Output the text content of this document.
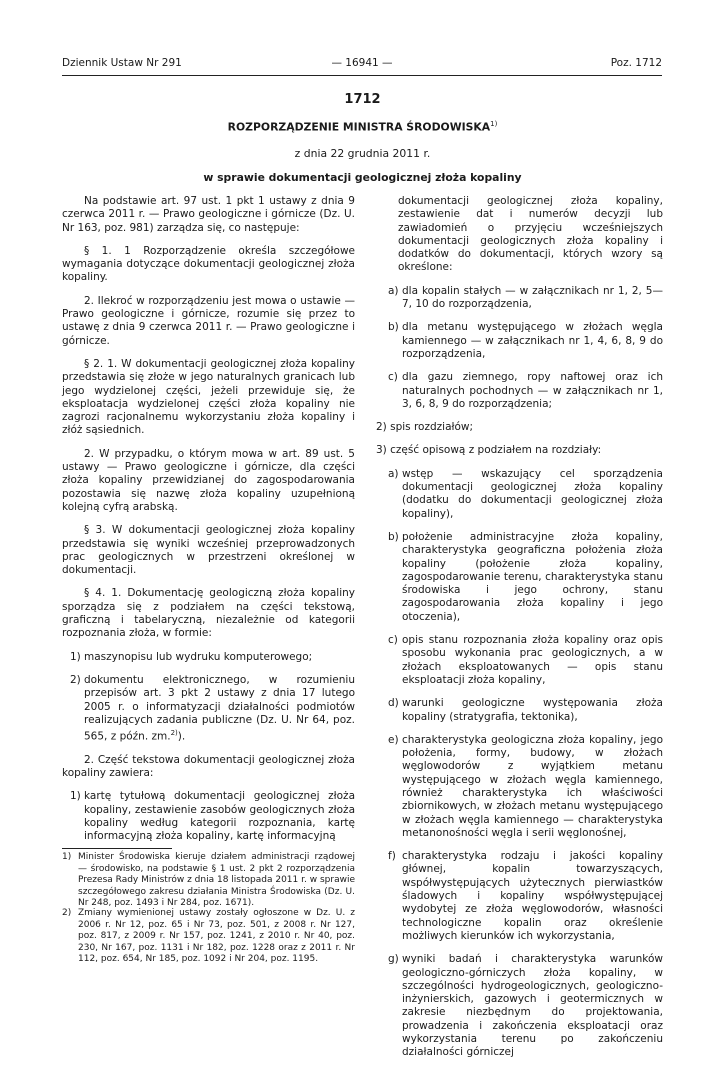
Dziennik Ustaw Nr 291	— 16941 —	Poz. 1712
1712
ROZPORZĄDZENIE MINISTRA ŚRODOWISKA$^{1)}$
z dnia 22 grudnia 2011 r.
w sprawie dokumentacji geologicznej złoża kopaliny

Na podstawie art. 97 ust. 1 pkt 1 ustawy z dnia 9 czerwca 2011 r. — Prawo geologiczne i górnicze (Dz. U. Nr 163, poz. 981) zarządza się, co następuje:

§ 1. 1 Rozporządzenie określa szczegółowe wymagania dotyczące dokumentacji geologicznej złoża kopaliny.

2. Ilekroć w rozporządzeniu jest mowa o ustawie — Prawo geologiczne i górnicze, rozumie się przez to ustawę z dnia 9 czerwca 2011 r. — Prawo geologiczne i górnicze.

§ 2. 1. W dokumentacji geologicznej złoża kopaliny przedstawia się złoże w jego naturalnych granicach lub jego wydzielonej części, jeżeli przewiduje się, że eksploatacja wydzielonej części złoża kopaliny nie zagrozi racjonalnemu wykorzystaniu złoża kopaliny i złóż sąsiednich.

2. W przypadku, o którym mowa w art. 89 ust. 5 ustawy — Prawo geologiczne i górnicze, dla części złoża kopaliny przewidzianej do zagospodarowania pozostawia się nazwę złoża kopaliny uzupełnioną kolejną cyfrą arabską.

§ 3. W dokumentacji geologicznej złoża kopaliny przedstawia się wyniki wcześniej przeprowadzonych prac geologicznych w przestrzeni określonej w dokumentacji.

§ 4. 1. Dokumentację geologiczną złoża kopaliny sporządza się z podziałem na części tekstową, graficzną i tabelaryczną, niezależnie od kategorii rozpoznania złoża, w formie:

1) maszynopisu lub wydruku komputerowego;
2) dokumentu elektronicznego, w rozumieniu przepisów art. 3 pkt 2 ustawy z dnia 17 lutego 2005 r. o informatyzacji działalności podmiotów realizujących zadania publiczne (Dz. U. Nr 64, poz. 565, z późn. zm.$^{2)}$).

2. Część tekstowa dokumentacji geologicznej złoża kopaliny zawiera:

1) kartę tytułową dokumentacji geologicznej złoża kopaliny, zestawienie zasobów geologicznych złoża kopaliny według kategorii rozpoznania, kartę informacyjną złoża kopaliny, kartę informacyjną
1) Minister Środowiska kieruje działem administracji rządowej — środowisko, na podstawie § 1 ust. 2 pkt 2 rozporządzenia Prezesa Rady Ministrów z dnia 18 listopada 2011 r. w sprawie szczegółowego zakresu działania Ministra Środowiska (Dz. U. Nr 248, poz. 1493 i Nr 284, poz. 1671).
2) Zmiany wymienionej ustawy zostały ogłoszone w Dz. U. z 2006 r. Nr 12, poz. 65 i Nr 73, poz. 501, z 2008 r. Nr 127, poz. 817, z 2009 r. Nr 157, poz. 1241, z 2010 r. Nr 40, poz. 230, Nr 167, poz. 1131 i Nr 182, poz. 1228 oraz z 2011 r. Nr 112, poz. 654, Nr 185, poz. 1092 i Nr 204, poz. 1195.

dokumentacji geologicznej złoża kopaliny, zestawienie dat i numerów decyzji lub zawiadomień o przyjęciu wcześniejszych dokumentacji geologicznych złoża kopaliny i dodatków do dokumentacji, których wzory są określone:

a) dla kopalin stałych — w załącznikach nr 1, 2, 5—7, 10 do rozporządzenia,
b) dla metanu występującego w złożach węgla kamiennego — w załącznikach nr 1, 4, 6, 8, 9 do rozporządzenia,
c) dla gazu ziemnego, ropy naftowej oraz ich naturalnych pochodnych — w załącznikach nr 1, 3, 6, 8, 9 do rozporządzenia;

2) spis rozdziałów;

3) część opisową z podziałem na rozdziały:

a) wstęp — wskazujący cel sporządzenia dokumentacji geologicznej złoża kopaliny (dodatku do dokumentacji geologicznej złoża kopaliny),
b) położenie administracyjne złoża kopaliny, charakterystyka geograficzna położenia złoża kopaliny (położenie złoża kopaliny, zagospodarowanie terenu, charakterystyka stanu środowiska i jego ochrony, stanu zagospodarowania złoża kopaliny i jego otoczenia),
c) opis stanu rozpoznania złoża kopaliny oraz opis sposobu wykonania prac geologicznych, a w złożach eksploatowanych — opis stanu eksploatacji złoża kopaliny,
d) warunki geologiczne występowania złoża kopaliny (stratygrafia, tektonika),
e) charakterystyka geologiczna złoża kopaliny, jego położenia, formy, budowy, w złożach węglowodorów z wyjątkiem metanu występującego w złożach węgla kamiennego, również charakterystyka ich właściwości zbiornikowych, w złożach metanu występującego w złożach węgla kamiennego — charakterystyka metanonośności węgla i serii węglonośnej,
f) charakterystyka rodzaju i jakości kopaliny głównej, kopalin towarzyszących, współwystępujących użytecznych pierwiastków śladowych i kopaliny współwystępującej wydobytej ze złoża węglowodorów, własności technologiczne kopalin oraz określenie możliwych kierunków ich wykorzystania,
g) wyniki badań i charakterystyka warunków geologiczno-górniczych złoża kopaliny, w szczególności hydrogeologicznych, geologiczno-inżynierskich, gazowych i geotermicznych w zakresie niezbędnym do projektowania, prowadzenia i zakończenia eksploatacji oraz wykorzystania terenu po zakończeniu działalności górniczej
